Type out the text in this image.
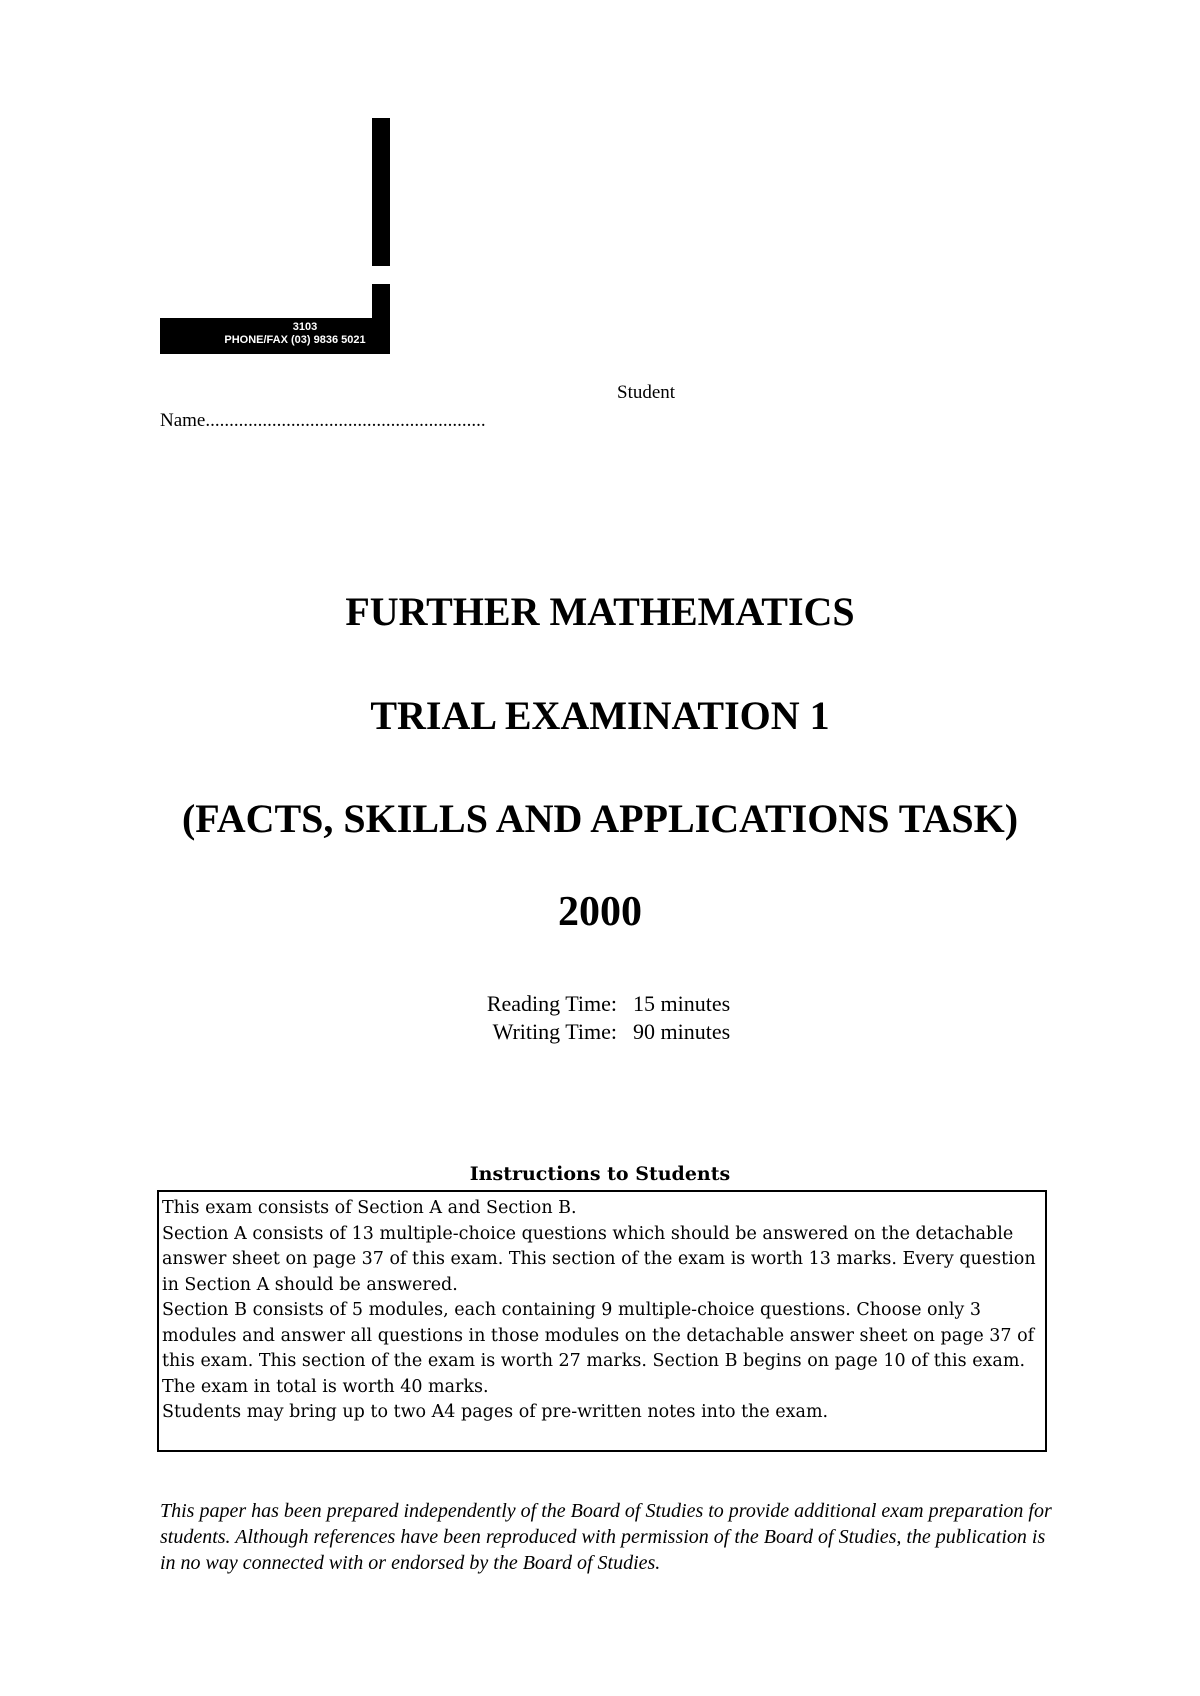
3103
PHONE/FAX (03) 9836 5021
Student
Name...........................................................
FURTHER MATHEMATICS
TRIAL EXAMINATION 1
(FACTS, SKILLS AND APPLICATIONS TASK)
2000
Reading Time: 15 minutes
Writing Time: 90 minutes
Instructions to Students

This exam consists of Section A and Section B.

Section A consists of 13 multiple-choice questions which should be answered on the detachable answer sheet on page 37 of this exam. This section of the exam is worth 13 marks. Every question in Section A should be answered.

Section B consists of 5 modules, each containing 9 multiple-choice questions. Choose only 3 modules and answer all questions in those modules on the detachable answer sheet on page 37 of this exam. This section of the exam is worth 27 marks. Section B begins on page 10 of this exam.

The exam in total is worth 40 marks.

Students may bring up to two A4 pages of pre-written notes into the exam.

This paper has been prepared independently of the Board of Studies to provide additional exam preparation for students. Although references have been reproduced with permission of the Board of Studies, the publication is in no way connected with or endorsed by the Board of Studies.
